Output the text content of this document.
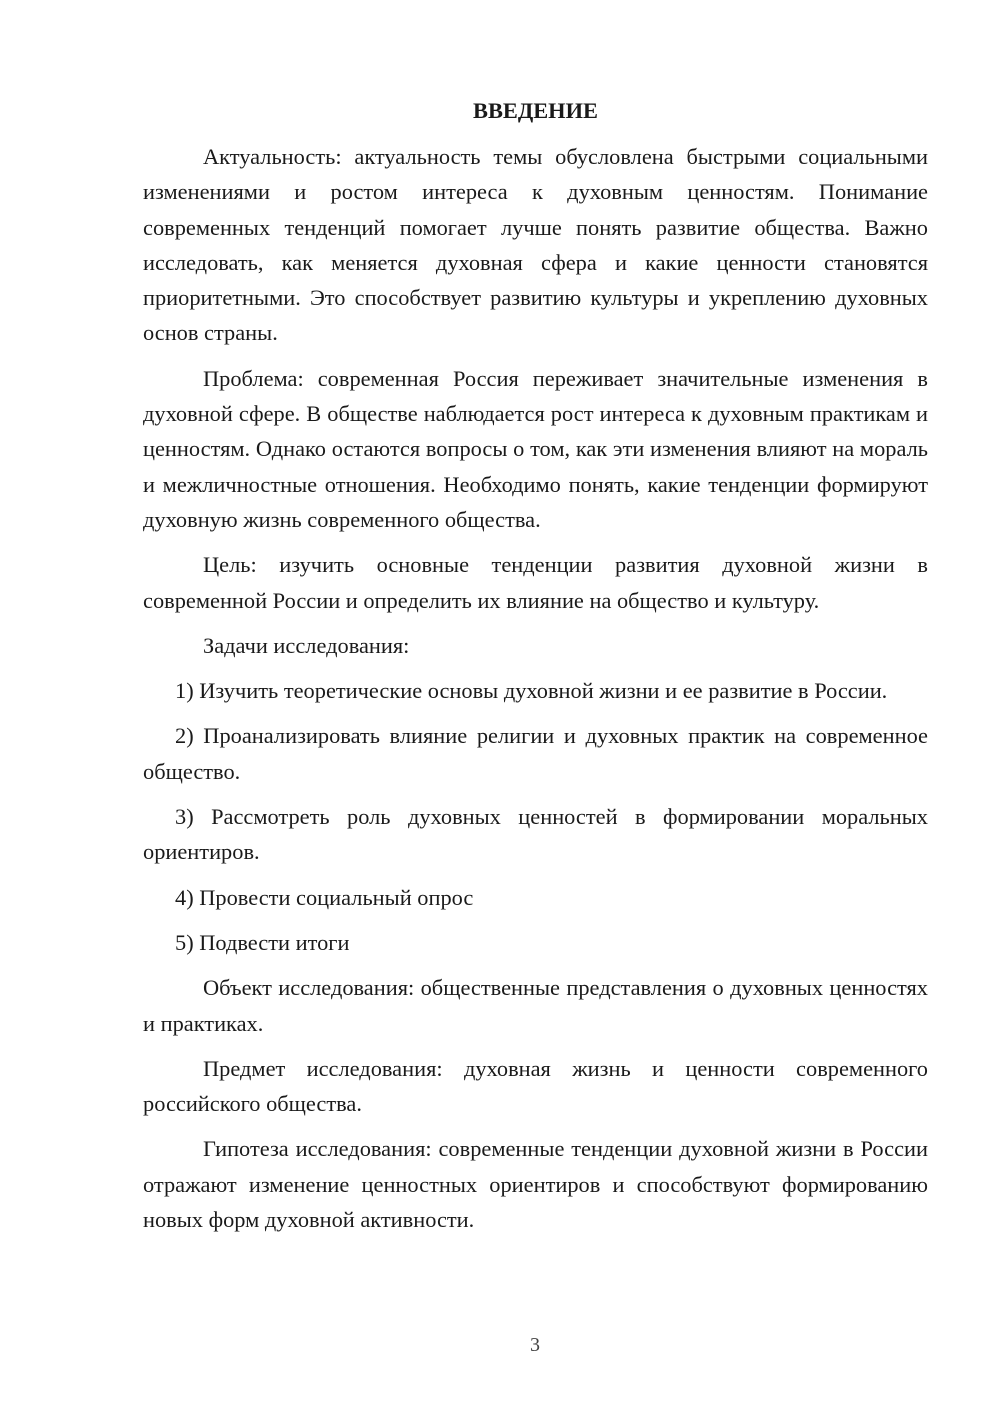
ВВЕДЕНИЕ

Актуальность: актуальность темы обусловлена быстрыми социальными изменениями и ростом интереса к духовным ценностям. Понимание современных тенденций помогает лучше понять развитие общества. Важно исследовать, как меняется духовная сфера и какие ценности становятся приоритетными. Это способствует развитию культуры и укреплению духовных основ страны.

Проблема: современная Россия переживает значительные изменения в духовной сфере. В обществе наблюдается рост интереса к духовным практикам и ценностям. Однако остаются вопросы о том, как эти изменения влияют на мораль и межличностные отношения. Необходимо понять, какие тенденции формируют духовную жизнь современного общества.

Цель: изучить основные тенденции развития духовной жизни в современной России и определить их влияние на общество и культуру.

Задачи исследования:

1) Изучить теоретические основы духовной жизни и ее развитие в России.

2) Проанализировать влияние религии и духовных практик на современное общество.

3) Рассмотреть роль духовных ценностей в формировании моральных ориентиров.

4) Провести социальный опрос

5) Подвести итоги

Объект исследования: общественные представления о духовных ценностях и практиках.

Предмет исследования: духовная жизнь и ценности современного российского общества.

Гипотеза исследования: современные тенденции духовной жизни в России отражают изменение ценностных ориентиров и способствуют формированию новых форм духовной активности.

3
